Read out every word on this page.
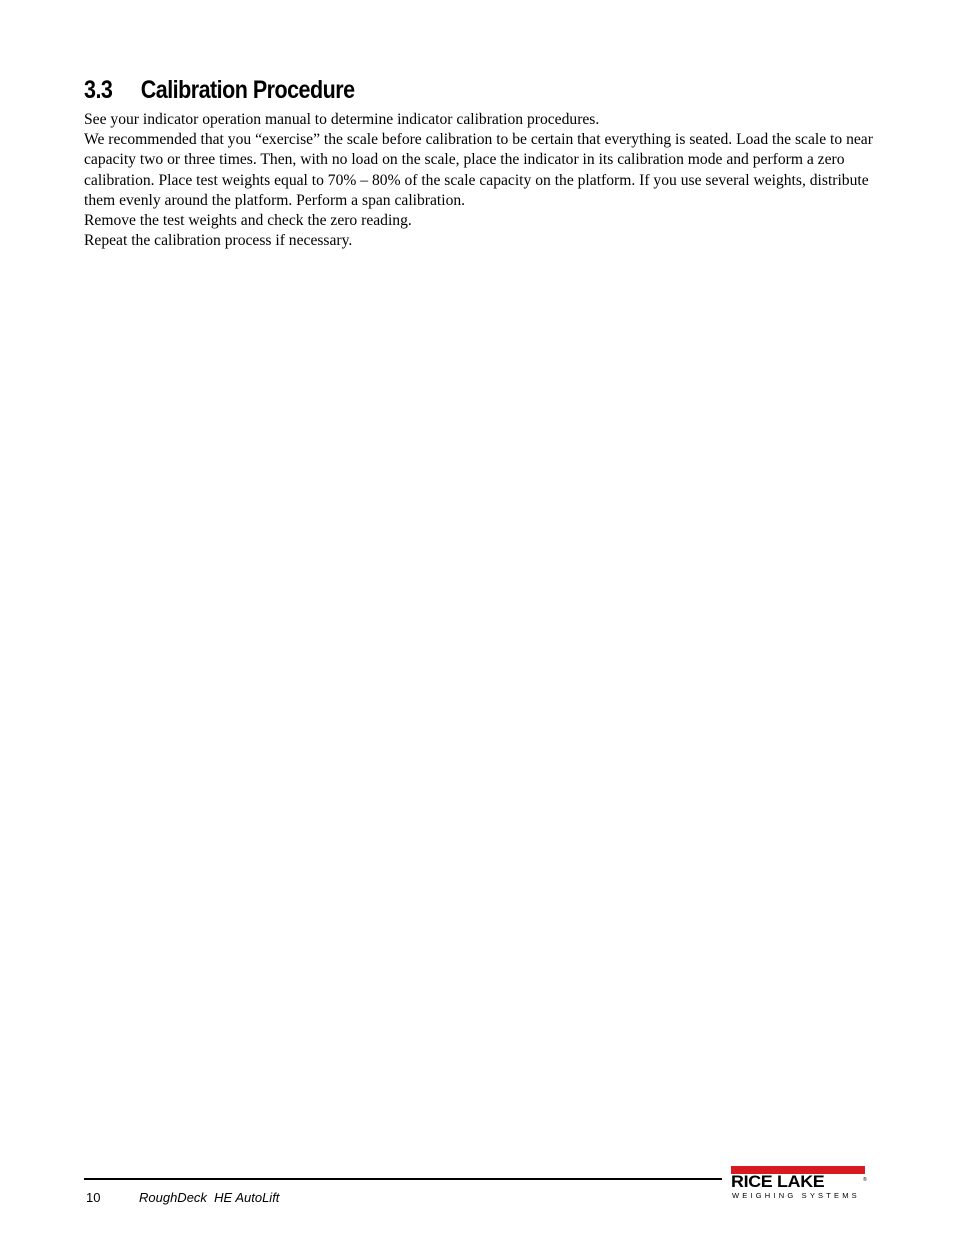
3.3 Calibration Procedure

See your indicator operation manual to determine indicator calibration procedures.

We recommended that you “exercise” the scale before calibration to be certain that everything is seated. Load the scale to near capacity two or three times. Then, with no load on the scale, place the indicator in its calibration mode and perform a zero calibration. Place test weights equal to 70% – 80% of the scale capacity on the platform. If you use several weights, distribute them evenly around the platform. Perform a span calibration.

Remove the test weights and check the zero reading.

Repeat the calibration process if necessary.

10	RoughDeck  HE AutoLift
RICE LAKE	®
WEIGHING SYSTEMS
